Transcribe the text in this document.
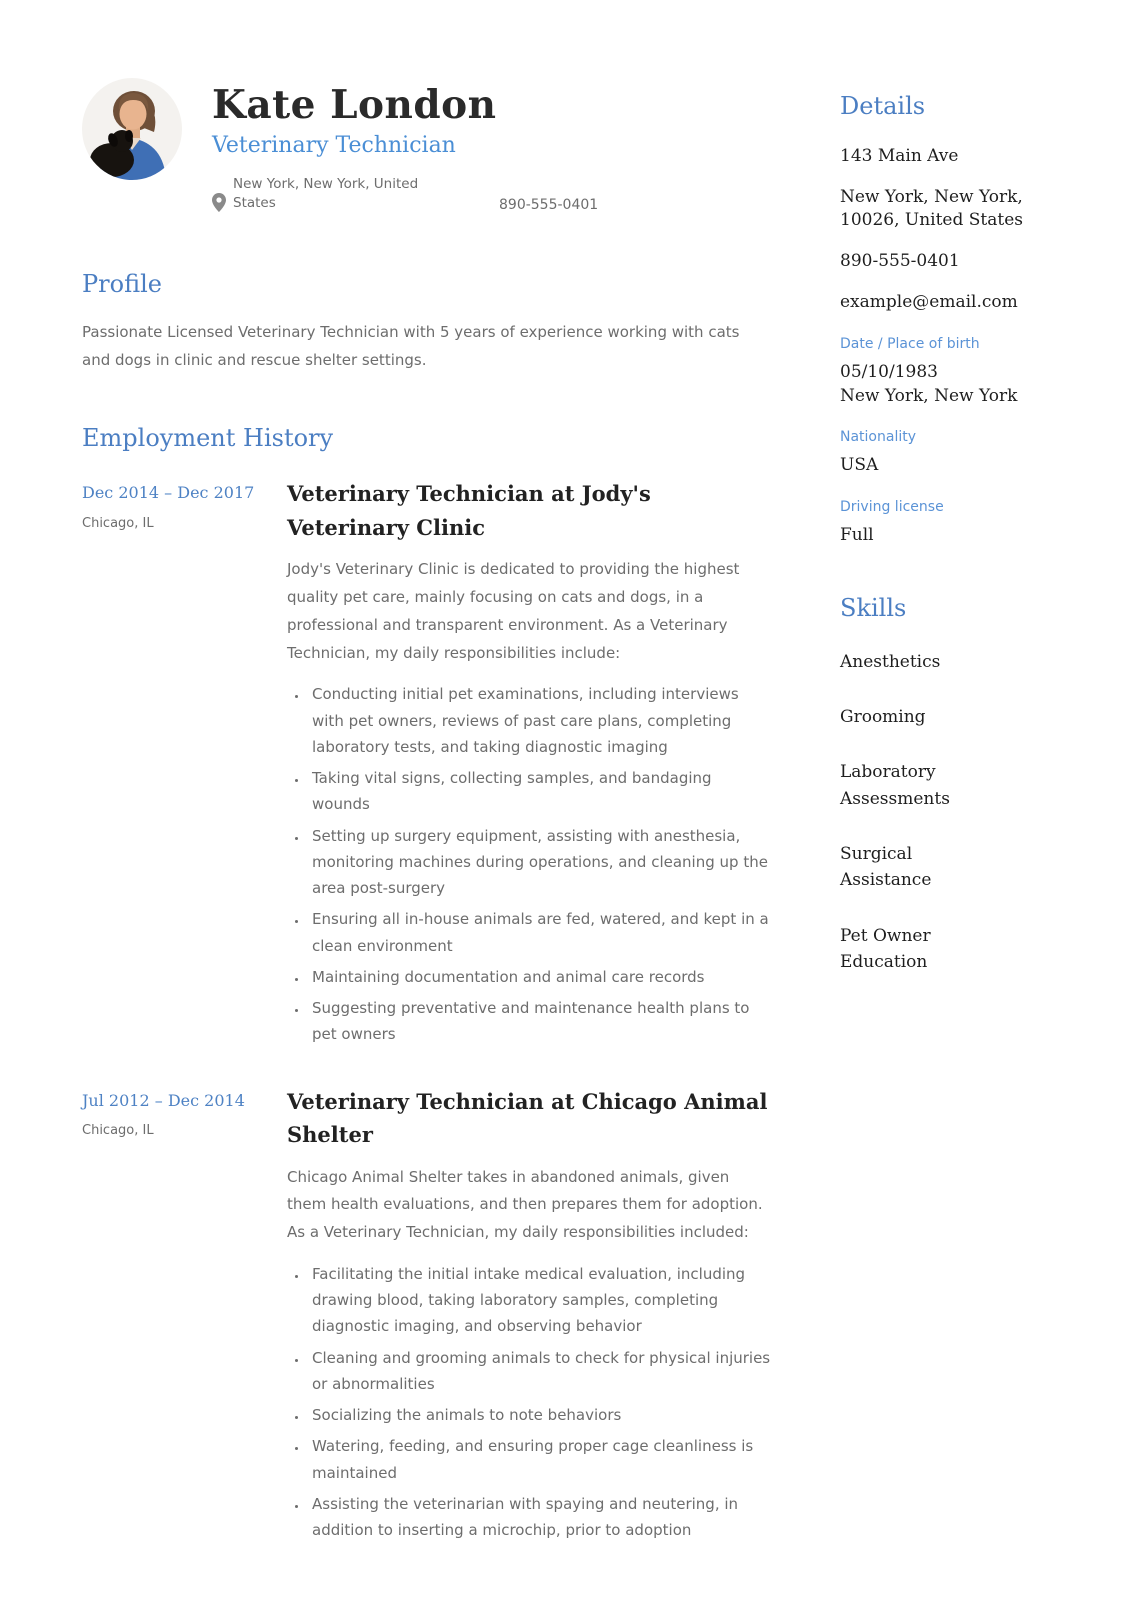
Kate London
Veterinary Technician
New York, New York, United States	890-555-0401
Profile

Passionate Licensed Veterinary Technician with 5 years of experience working with cats and dogs in clinic and rescue shelter settings.

Employment History
Dec 2014 – Dec 2017
Chicago, IL
Veterinary Technician at Jody's Veterinary Clinic

Jody's Veterinary Clinic is dedicated to providing the highest quality pet care, mainly focusing on cats and dogs, in a professional and transparent environment. As a Veterinary Technician, my daily responsibilities include:

• Conducting initial pet examinations, including interviews with pet owners, reviews of past care plans, completing laboratory tests, and taking diagnostic imaging
• Taking vital signs, collecting samples, and bandaging wounds
• Setting up surgery equipment, assisting with anesthesia, monitoring machines during operations, and cleaning up the area post-surgery
• Ensuring all in-house animals are fed, watered, and kept in a clean environment
• Maintaining documentation and animal care records
• Suggesting preventative and maintenance health plans to pet owners
Jul 2012 – Dec 2014
Chicago, IL
Veterinary Technician at Chicago Animal Shelter

Chicago Animal Shelter takes in abandoned animals, given them health evaluations, and then prepares them for adoption. As a Veterinary Technician, my daily responsibilities included:

• Facilitating the initial intake medical evaluation, including drawing blood, taking laboratory samples, completing diagnostic imaging, and observing behavior
• Cleaning and grooming animals to check for physical injuries or abnormalities
• Socializing the animals to note behaviors
• Watering, feeding, and ensuring proper cage cleanliness is maintained
• Assisting the veterinarian with spaying and neutering, in addition to inserting a microchip, prior to adoption
Details
143 Main Ave
New York, New York, 10026, United States
890-555-0401
example@email.com
Date / Place of birth
05/10/1983
New York, New York
Nationality
USA
Driving license
Full
Skills
Anesthetics
Grooming
Laboratory Assessments
Surgical Assistance
Pet Owner Education
